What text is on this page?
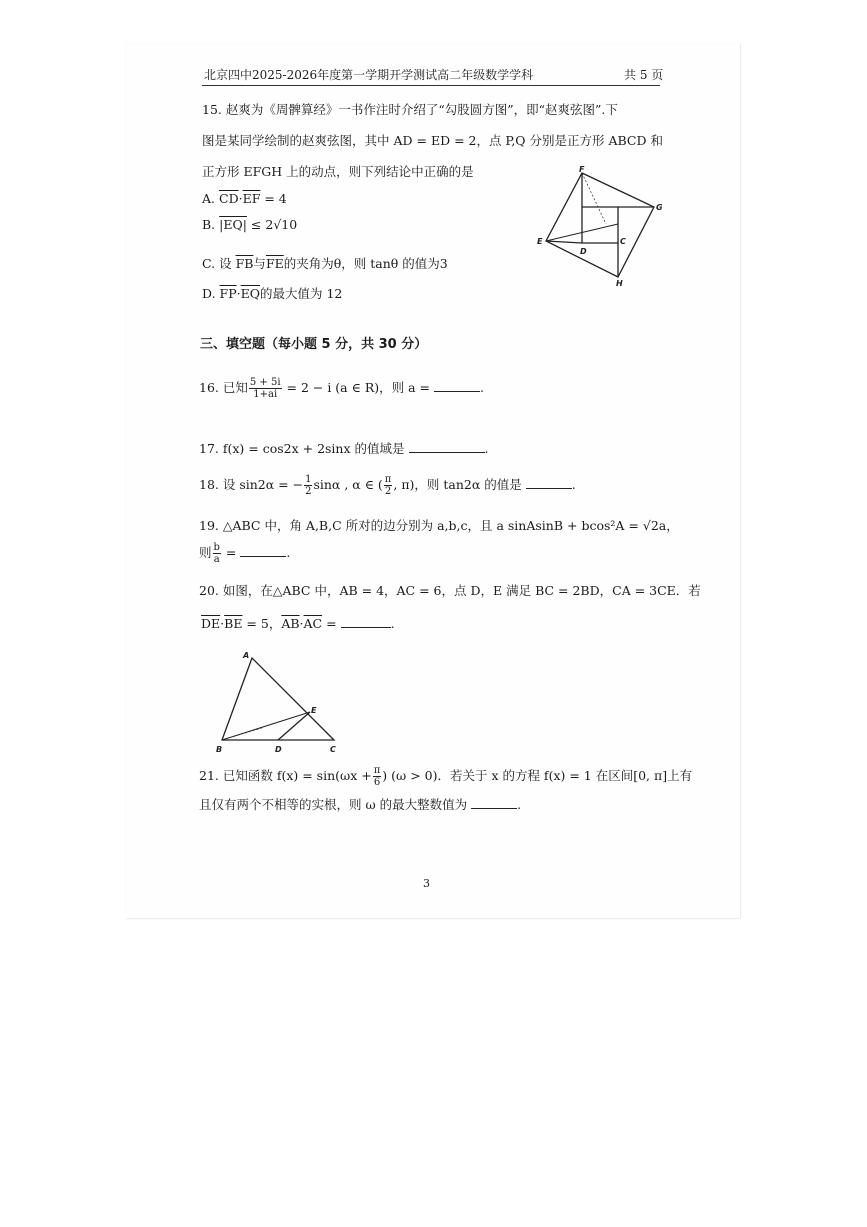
北京四中2025-2026年度第一学期开学测试高二年级数学学科	共 5 页
15. 赵爽为《周髀算经》一书作注时介绍了“勾股圆方图”，即“赵爽弦图”.下
图是某同学绘制的赵爽弦图，其中 AD = ED = 2，点 P,Q 分别是正方形 ABCD 和
正方形 EFGH 上的动点，则下列结论中正确的是
A. $\overline{CD}\cdot\overline{EF} = 4$
B. |EQ| ≤ 2√10
C. 设 $\overline{FB}$与$\overline{FE}$的夹角为θ，则 tanθ 的值为3
D. $\overline{FP}\cdot\overline{EQ}$的最大值为 12
F
G
E
H
C
D
三、填空题（每小题 5 分，共 30 分）
16. 已知 $\frac{5 + 5i}{1+ai} = 2 - i$ (a ∈ R)，则 a =	.
17. f(x) = cos2x + 2sinx 的值域是	.
18. 设 sin2α = − $\frac{1}{2}$ sinα , α ∈ ( $\frac{\pi}{2}$ , π)，则 tan2α 的值是	.
19. △ABC 中，角 A,B,C 所对的边分别为 a,b,c，且 a sinAsinB + bcos²A = √2a，
则 $\frac{b}{a}$ =	.
20. 如图，在△ABC 中，AB = 4，AC = 6，点 D，E 满足 BC = 2BD，CA = 3CE．若
$\overline{DE}\cdot\overline{BE} = 5$，$\overline{AB}\cdot\overline{AC}$ =	.
A
B	C
D
E
21. 已知函数 $f(x) = \sin(\omega x + \frac{\pi}{6}$ ) (ω > 0)．若关于 x 的方程 f(x) = 1 在区间[0, π]上有
且仅有两个不相等的实根，则 ω 的最大整数值为	.
3
